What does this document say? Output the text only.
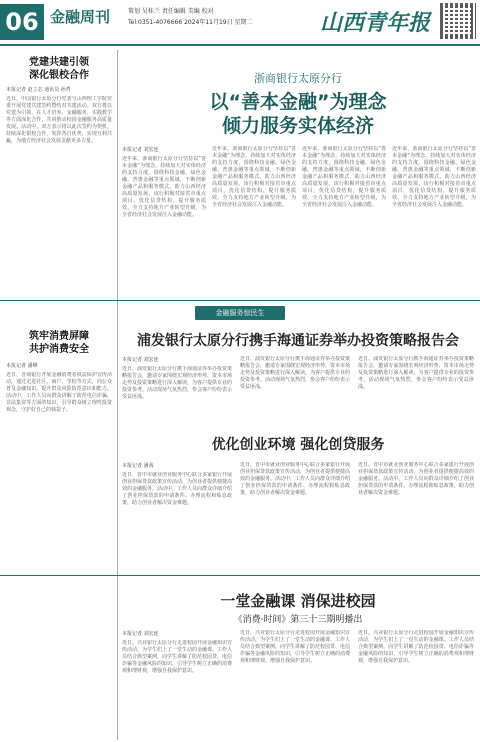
06 金融周刊	策划 吴桂兰 责任编辑 美编 校对
Tel:0351-4076666 2024年11月19日 星期二	山西青年报
党建共建引领
深化银校合作
本报记者 赵立芯 通讯员 孙哲
近日，中国银行太原分行党委与山西理工学院党委开展党建共建签约暨结对共建活动。双方将以党建为引领，在人才培养、金融服务、实践教学等方面深化合作，共同推动校园金融服务高质量发展。活动中，双方表示将以此次签约为契机，持续深化银校合作，发挥各自优势，实现互利共赢，为地方经济社会发展贡献更多力量。
浙商银行太原分行
以“善本金融”为理念
倾力服务实体经济
本报记者 刘宏连
近年来，浙商银行太原分行坚持以“善本金融”为理念，持续加大对实体经济的支持力度，围绕科技金融、绿色金融、普惠金融等重点领域，不断创新金融产品和服务模式，助力山西经济高质量发展。该行积极对接省市重点项目，优化信贷结构，提升服务质效，全力支持地方产业转型升级，为全省经济社会发展注入金融动能。
近年来，浙商银行太原分行坚持以“善本金融”为理念，持续加大对实体经济的支持力度，围绕科技金融、绿色金融、普惠金融等重点领域，不断创新金融产品和服务模式，助力山西经济高质量发展。该行积极对接省市重点项目，优化信贷结构，提升服务质效，全力支持地方产业转型升级，为全省经济社会发展注入金融动能。
近年来，浙商银行太原分行坚持以“善本金融”为理念，持续加大对实体经济的支持力度，围绕科技金融、绿色金融、普惠金融等重点领域，不断创新金融产品和服务模式，助力山西经济高质量发展。该行积极对接省市重点项目，优化信贷结构，提升服务质效，全力支持地方产业转型升级，为全省经济社会发展注入金融动能。
近年来，浙商银行太原分行坚持以“善本金融”为理念，持续加大对实体经济的支持力度，围绕科技金融、绿色金融、普惠金融等重点领域，不断创新金融产品和服务模式，助力山西经济高质量发展。该行积极对接省市重点项目，优化信贷结构，提升服务质效，全力支持地方产业转型升级，为全省经济社会发展注入金融动能。
金融服务惊民生
筑牢消费屏障
共护消费安全
本报记者 潘峰
近日，晋商银行开展金融消费者权益保护宣传活动，通过走进社区、商户、学校等方式，向公众普及金融知识，提升群众风险防范意识和能力。活动中，工作人员向群众讲解了防范电信诈骗、非法集资等方面的知识，引导群众树立理性投资观念，守护好自己的钱袋子。
浦发银行太原分行携手海通证券举办投资策略报告会
本报记者 刘宏连
近日，浦发银行太原分行携手海通证券举办投资策略报告会，邀请专家围绕宏观经济形势、资本市场走势及投资策略进行深入解读，为客户提供专业的投资参考。活动现场气氛热烈，参会客户纷纷表示受益匪浅。
近日，浦发银行太原分行携手海通证券举办投资策略报告会，邀请专家围绕宏观经济形势、资本市场走势及投资策略进行深入解读，为客户提供专业的投资参考。活动现场气氛热烈，参会客户纷纷表示受益匪浅。
近日，浦发银行太原分行携手海通证券举办投资策略报告会，邀请专家围绕宏观经济形势、资本市场走势及投资策略进行深入解读，为客户提供专业的投资参考。活动现场气氛热烈，参会客户纷纷表示受益匪浅。
优化创业环境 强化创贷服务
本报记者 潘茜
近日，晋中市就业创业服务中心联合多家银行开展创业担保贷款政策宣传活动，为创业者提供便捷高效的金融服务。活动中，工作人员向群众详细介绍了创业担保贷款的申请条件、办理流程和贴息政策，助力创业者解决资金难题。
近日，晋中市就业创业服务中心联合多家银行开展创业担保贷款政策宣传活动，为创业者提供便捷高效的金融服务。活动中，工作人员向群众详细介绍了创业担保贷款的申请条件、办理流程和贴息政策，助力创业者解决资金难题。
近日，晋中市就业创业服务中心联合多家银行开展创业担保贷款政策宣传活动，为创业者提供便捷高效的金融服务。活动中，工作人员向群众详细介绍了创业担保贷款的申请条件、办理流程和贴息政策，助力创业者解决资金难题。
一堂金融课 消保进校园
《消费·时间》第三十三期明播出
本报记者 刘宏连
近日，兴业银行太原分行走进校园开展金融知识宣传活动，为学生们上了一堂生动的金融课。工作人员结合典型案例，向学生讲解了防范校园贷、电信诈骗等金融风险的知识，引导学生树立正确的消费观和理财观，增强自我保护意识。
近日，兴业银行太原分行走进校园开展金融知识宣传活动，为学生们上了一堂生动的金融课。工作人员结合典型案例，向学生讲解了防范校园贷、电信诈骗等金融风险的知识，引导学生树立正确的消费观和理财观，增强自我保护意识。
近日，兴业银行太原分行走进校园开展金融知识宣传活动，为学生们上了一堂生动的金融课。工作人员结合典型案例，向学生讲解了防范校园贷、电信诈骗等金融风险的知识，引导学生树立正确的消费观和理财观，增强自我保护意识。
